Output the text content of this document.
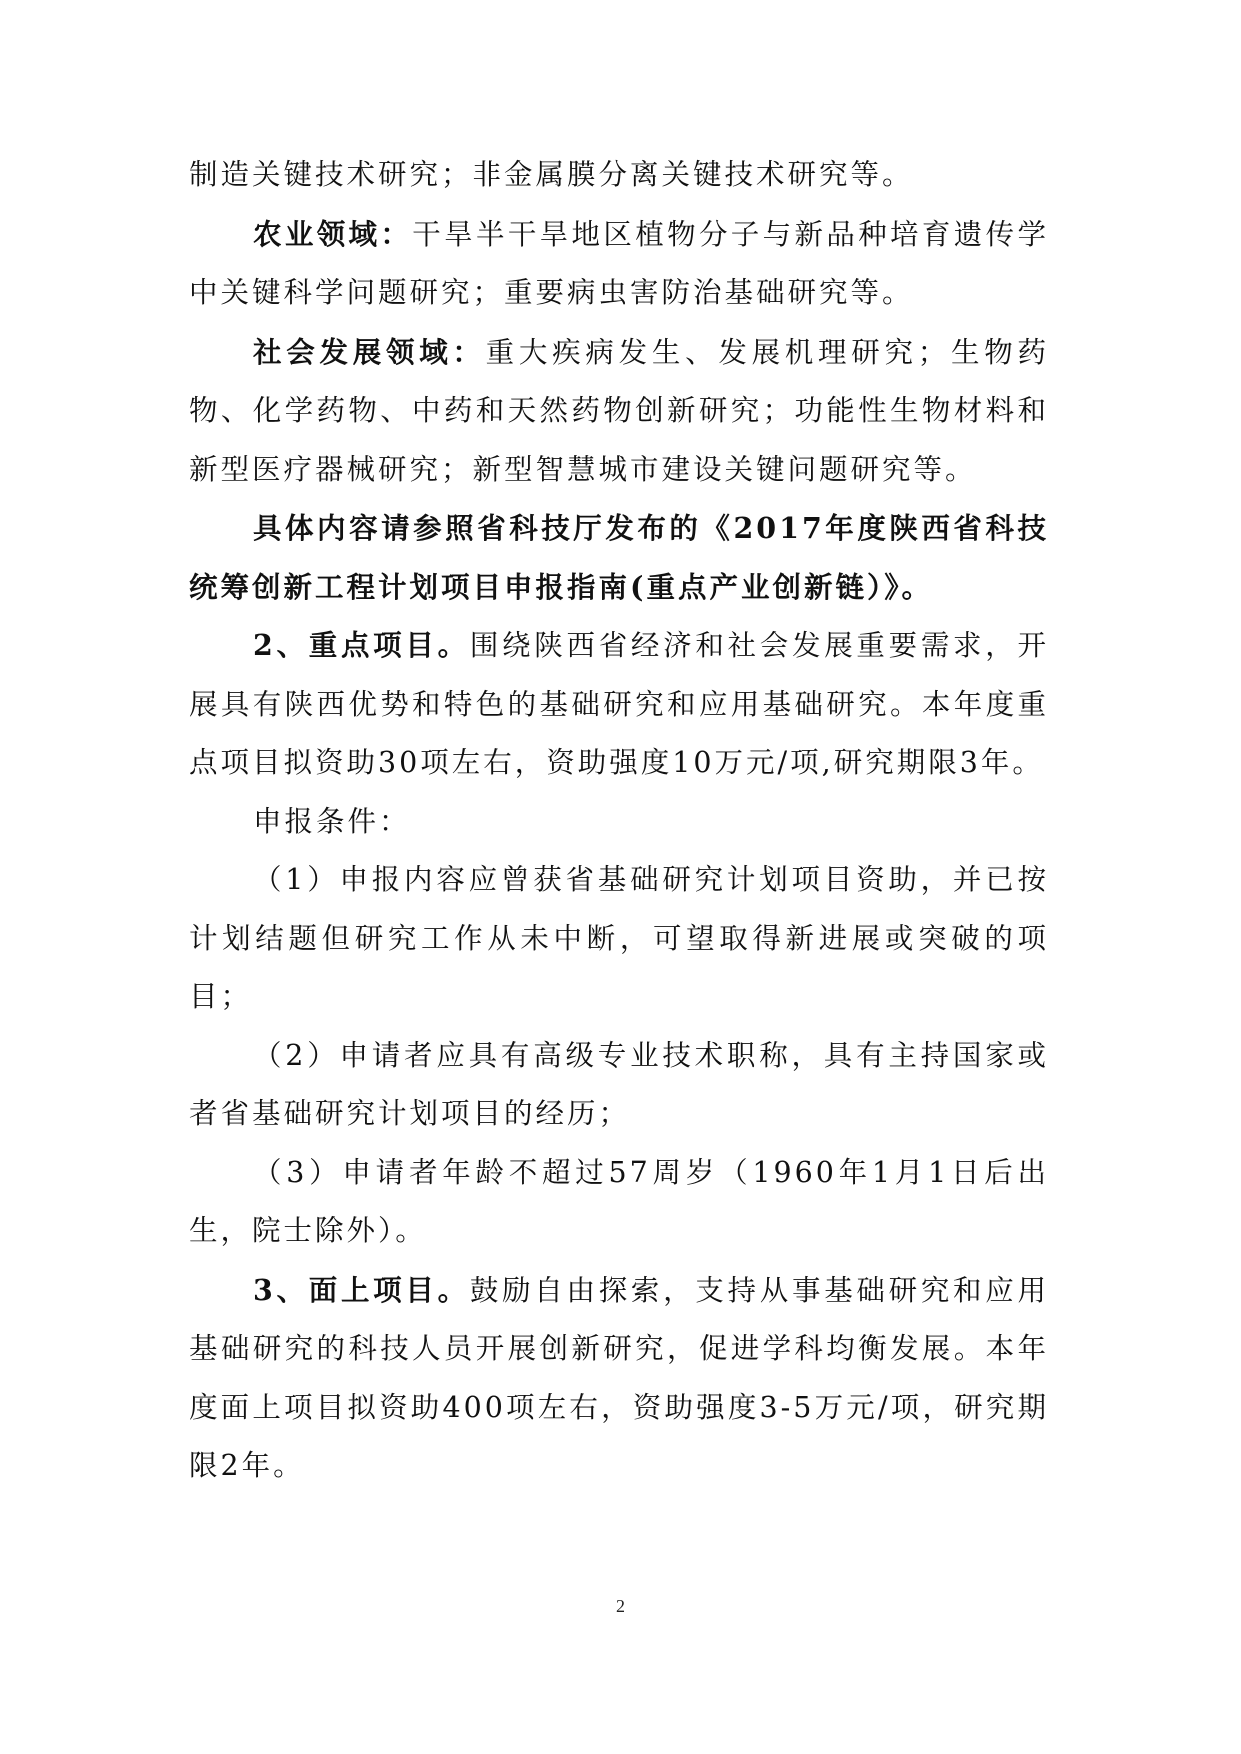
制造关键技术研究；非金属膜分离关键技术研究等。

农业领域：干旱半干旱地区植物分子与新品种培育遗传学中关键科学问题研究；重要病虫害防治基础研究等。

社会发展领域：重大疾病发生、发展机理研究；生物药物、化学药物、中药和天然药物创新研究；功能性生物材料和新型医疗器械研究；新型智慧城市建设关键问题研究等。

具体内容请参照省科技厅发布的《2017年度陕西省科技统筹创新工程计划项目申报指南(重点产业创新链）》。

2、重点项目。围绕陕西省经济和社会发展重要需求，开展具有陕西优势和特色的基础研究和应用基础研究。本年度重点项目拟资助30项左右，资助强度10万元/项,研究期限3年。

申报条件：

（1）申报内容应曾获省基础研究计划项目资助，并已按计划结题但研究工作从未中断，可望取得新进展或突破的项目；

（2）申请者应具有高级专业技术职称，具有主持国家或者省基础研究计划项目的经历；

（3）申请者年龄不超过57周岁（1960年1月1日后出生，院士除外）。

3、面上项目。鼓励自由探索，支持从事基础研究和应用基础研究的科技人员开展创新研究，促进学科均衡发展。本年度面上项目拟资助400项左右，资助强度3-5万元/项，研究期限2年。

2
